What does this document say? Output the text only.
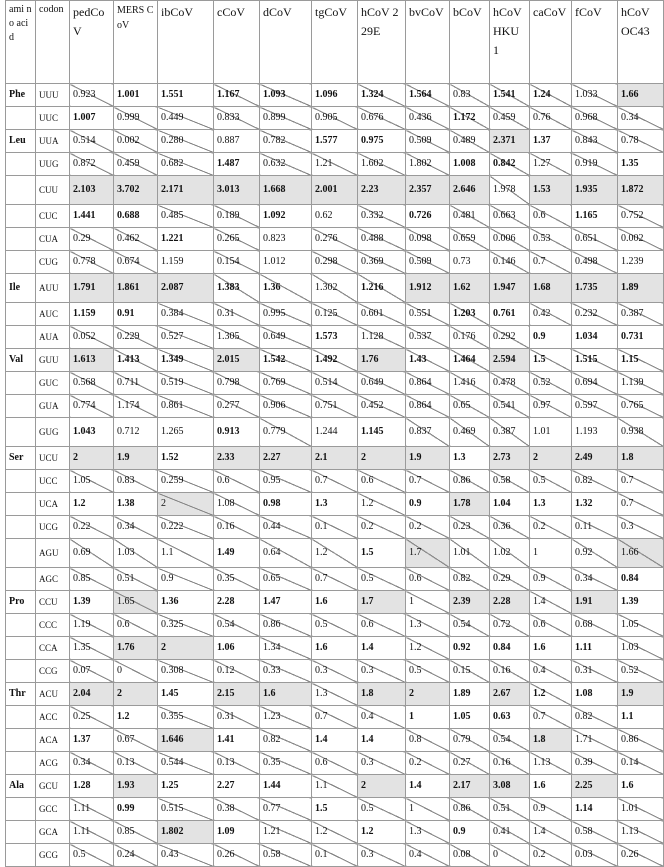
ami no acid	codon	pedCoV	MERS CoV	ibCoV	cCoV	dCoV	tgCoV	hCoV 229E	bvCoV	bCoV	hCoV HKU 1	caCoV	fCoV	hCoV OC43
Phe	UUU	0.923	1.001	1.551	1.167	1.093	1.096	1.324	1.564	0.83	1.541	1.24	1.033	1.66
	UUC	1.007	0.999	0.449	0.833	0.899	0.905	0.676	0.436	1.172	0.459	0.76	0.968	0.34
Leu	UUA	0.514	0.002	0.280	0.887	0.782	1.577	0.975	0.509	0.489	2.371	1.37	0.843	0.78
	UUG	0.872	0.459	0.682	1.487	0.632	1.21	1.602	1.802	1.008	0.842	1.27	0.919	1.35
	CUU	2.103	3.702	2.171	3.013	1.668	2.001	2.23	2.357	2.646	1.978	1.53	1.935	1.872
	CUC	1.441	0.688	0.485	0.189	1.092	0.62	0.332	0.726	0.481	0.663	0.6	1.165	0.752
	CUA	0.29	0.462	1.221	0.265	0.823	0.276	0.488	0.098	0.659	0.006	0.53	0.651	0.002
	CUG	0.778	0.674	1.159	0.154	1.012	0.298	0.369	0.509	0.73	0.146	0.7	0.498	1.239
Ile	AUU	1.791	1.861	2.087	1.383	1.36	1.302	1.216	1.912	1.62	1.947	1.68	1.735	1.89
	AUC	1.159	0.91	0.384	0.31	0.995	0.125	0.601	0.551	1.203	0.761	0.42	0.232	0.387
	AUA	0.052	0.229	0.527	1.305	0.649	1.573	1.128	0.537	0.176	0.292	0.9	1.034	0.731
Val	GUU	1.613	1.413	1.349	2.015	1.542	1.492	1.76	1.43	1.464	2.594	1.5	1.515	1.15
	GUC	0.568	0.711	0.519	0.798	0.769	0.514	0.649	0.864	1.416	0.478	0.52	0.694	1.139
	GUA	0.774	1.174	0.861	0.277	0.906	0.751	0.452	0.864	0.65	0.541	0.97	0.597	0.765
	GUG	1.043	0.712	1.265	0.913	0.779	1.244	1.145	0.837	0.469	0.387	1.01	1.193	0.938
Ser	UCU	2	1.9	1.52	2.33	2.27	2.1	2	1.9	1.3	2.73	2	2.49	1.8
	UCC	1.05	0.83	0.259	0.6	0.95	0.7	0.6	0.7	0.86	0.58	0.5	0.82	0.7
	UCA	1.2	1.38	2	1.08	0.98	1.3	1.2	0.9	1.78	1.04	1.3	1.32	0.7
	UCG	0.22	0.34	0.222	0.16	0.44	0.1	0.2	0.2	0.23	0.36	0.2	0.11	0.3
	AGU	0.69	1.03	1.1	1.49	0.64	1.2	1.5	1.7	1.01	1.02	1	0.92	1.66
	AGC	0.85	0.51	0.9	0.35	0.65	0.7	0.5	0.6	0.82	0.29	0.9	0.34	0.84
Pro	CCU	1.39	1.65	1.36	2.28	1.47	1.6	1.7	1	2.39	2.28	1.4	1.91	1.39
	CCC	1.19	0.6	0.325	0.54	0.86	0.5	0.6	1.3	0.54	0.72	0.6	0.68	1.05
	CCA	1.35	1.76	2	1.06	1.34	1.6	1.4	1.2	0.92	0.84	1.6	1.11	1.03
	CCG	0.07	0	0.308	0.12	0.33	0.3	0.3	0.5	0.15	0.16	0.4	0.31	0.52
Thr	ACU	2.04	2	1.45	2.15	1.6	1.3	1.8	2	1.89	2.67	1.2	1.08	1.9
	ACC	0.25	1.2	0.355	0.31	1.23	0.7	0.4	1	1.05	0.63	0.7	0.82	1.1
	ACA	1.37	0.67	1.646	1.41	0.82	1.4	1.4	0.8	0.79	0.54	1.8	1.71	0.86
	ACG	0.34	0.13	0.544	0.13	0.35	0.6	0.3	0.2	0.27	0.16	1.13	0.39	0.14
Ala	GCU	1.28	1.93	1.25	2.27	1.44	1.1	2	1.4	2.17	3.08	1.6	2.25	1.6
	GCC	1.11	0.99	0.515	0.38	0.77	1.5	0.5	1	0.86	0.51	0.9	1.14	1.01
	GCA	1.11	0.85	1.802	1.09	1.21	1.2	1.2	1.3	0.9	0.41	1.4	0.58	1.13
	GCG	0.5	0.24	0.43	0.26	0.58	0.1	0.3	0.4	0.08	0	0.2	0.03	0.26
